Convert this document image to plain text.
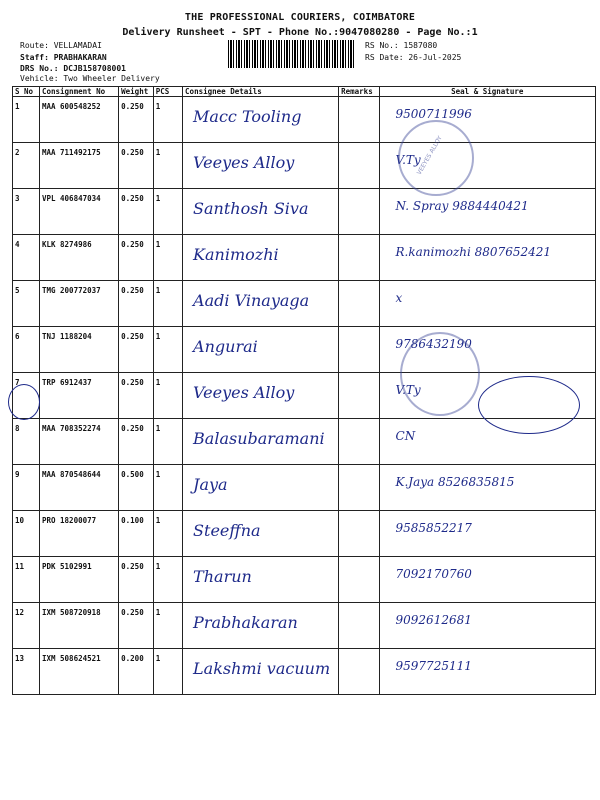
THE PROFESSIONAL COURIERS, COIMBATORE
Delivery Runsheet - SPT - Phone No.:9047080280 - Page No.:1
Route: VELLAMADAI
Staff: PRABHAKARAN
DRS No.: DCJB158708001
Vehicle: Two Wheeler Delivery
RS No.: 1587080
RS Date: 26-Jul-2025
S No	Consignment No	Weight	PCS	Consignee Details	Remarks	Seal & Signature
1	MAA 600548252	0.250	1	Macc Tooling		9500711996
2	MAA 711492175	0.250	1	Veeyes Alloy		V.Ty
3	VPL 406847034	0.250	1	Santhosh Siva		N. Spray 9884440421
4	KLK 8274986	0.250	1	Kanimozhi		R.kanimozhi 8807652421
5	TMG 200772037	0.250	1	Aadi Vinayaga		x
6	TNJ 1188204	0.250	1	Angurai		9786432190
7	TRP 6912437	0.250	1	Veeyes Alloy		V.Ty
8	MAA 708352274	0.250	1	Balasubaramani		CN
9	MAA 870548644	0.500	1	Jaya		K.Jaya 8526835815
10	PRO 18200077	0.100	1	Steeffna		9585852217
11	PDK 5102991	0.250	1	Tharun		7092170760
12	IXM 508720918	0.250	1	Prabhakaran		9092612681
13	IXM 508624521	0.200	1	Lakshmi vacuum		9597725111
VEEYES ALLOY
